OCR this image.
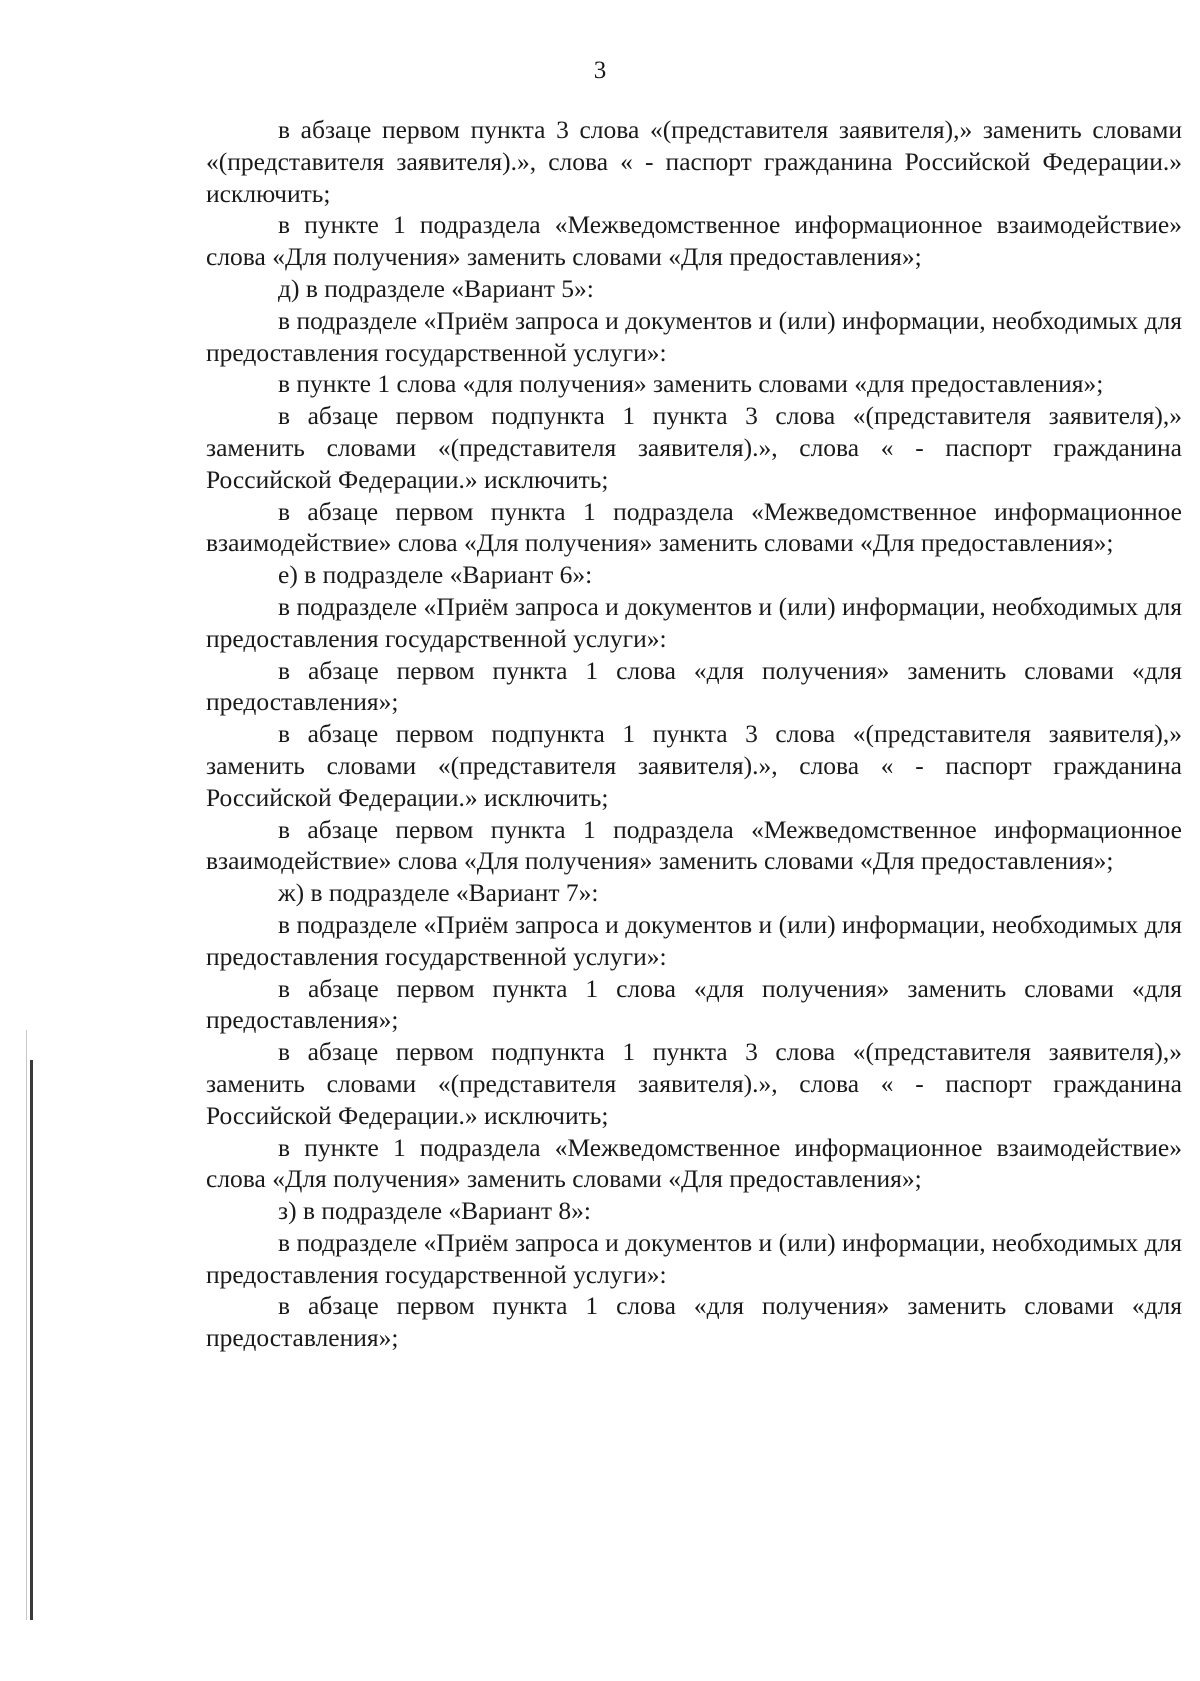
3

в абзаце первом пункта 3 слова «(представителя заявителя),» заменить словами «(представителя заявителя).», слова « - паспорт гражданина Российской Федерации.» исключить;

в пункте 1 подраздела «Межведомственное информационное взаимодействие» слова «Для получения» заменить словами «Для предоставления»;

д) в подразделе «Вариант 5»:

в подразделе «Приём запроса и документов и (или) информации, необходимых для предоставления государственной услуги»:

в пункте 1 слова «для получения» заменить словами «для предоставления»;

в абзаце первом подпункта 1 пункта 3 слова «(представителя заявителя),» заменить словами «(представителя заявителя).», слова « - паспорт гражданина Российской Федерации.» исключить;

в абзаце первом пункта 1 подраздела «Межведомственное информационное взаимодействие» слова «Для получения» заменить словами «Для предоставления»;

е) в подразделе «Вариант 6»:

в подразделе «Приём запроса и документов и (или) информации, необходимых для предоставления государственной услуги»:

в абзаце первом пункта 1 слова «для получения» заменить словами «для предоставления»;

в абзаце первом подпункта 1 пункта 3 слова «(представителя заявителя),» заменить словами «(представителя заявителя).», слова « - паспорт гражданина Российской Федерации.» исключить;

в абзаце первом пункта 1 подраздела «Межведомственное информационное взаимодействие» слова «Для получения» заменить словами «Для предоставления»;

ж) в подразделе «Вариант 7»:

в подразделе «Приём запроса и документов и (или) информации, необходимых для предоставления государственной услуги»:

в абзаце первом пункта 1 слова «для получения» заменить словами «для предоставления»;

в абзаце первом подпункта 1 пункта 3 слова «(представителя заявителя),» заменить словами «(представителя заявителя).», слова « - паспорт гражданина Российской Федерации.» исключить;

в пункте 1 подраздела «Межведомственное информационное взаимодействие» слова «Для получения» заменить словами «Для предоставления»;

з) в подразделе «Вариант 8»:

в подразделе «Приём запроса и документов и (или) информации, необходимых для предоставления государственной услуги»:

в абзаце первом пункта 1 слова «для получения» заменить словами «для предоставления»;
